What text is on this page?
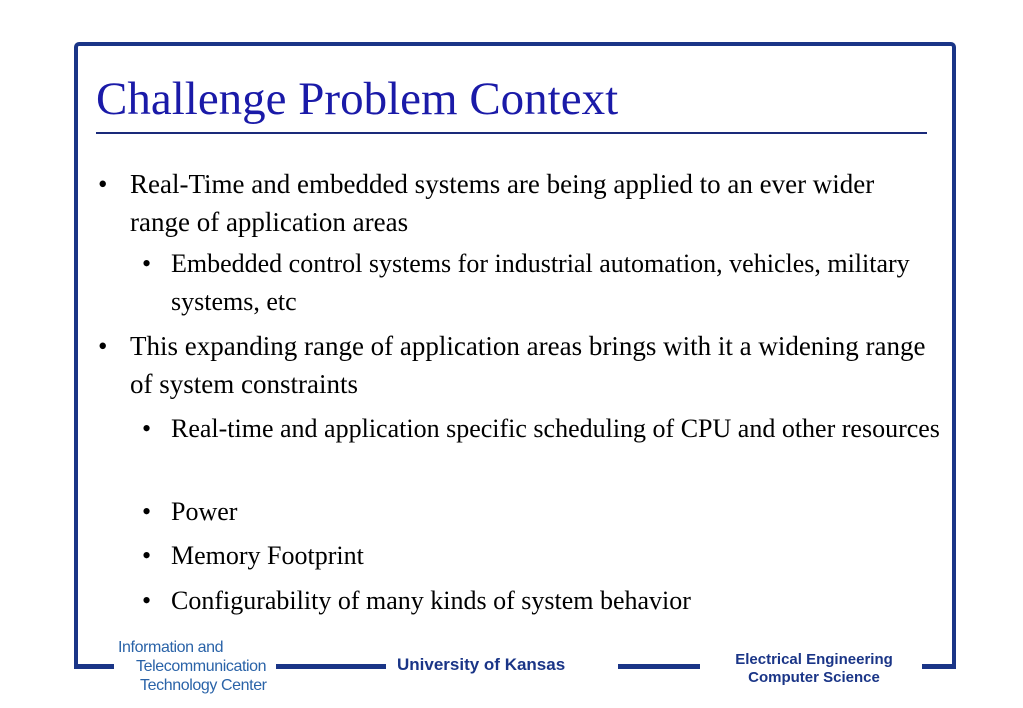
Challenge Problem Context
• Real-Time and embedded systems are being applied to an ever wider range of application areas
• Embedded control systems for industrial automation, vehicles, military systems, etc
• This expanding range of application areas brings with it a widening range of system constraints
• Real-time and application specific scheduling of CPU and other resources
• Power
• Memory Footprint
• Configurability of many kinds of system behavior
Information and
Telecommunication
Technology Center
University of Kansas	Electrical Engineering
Computer Science
